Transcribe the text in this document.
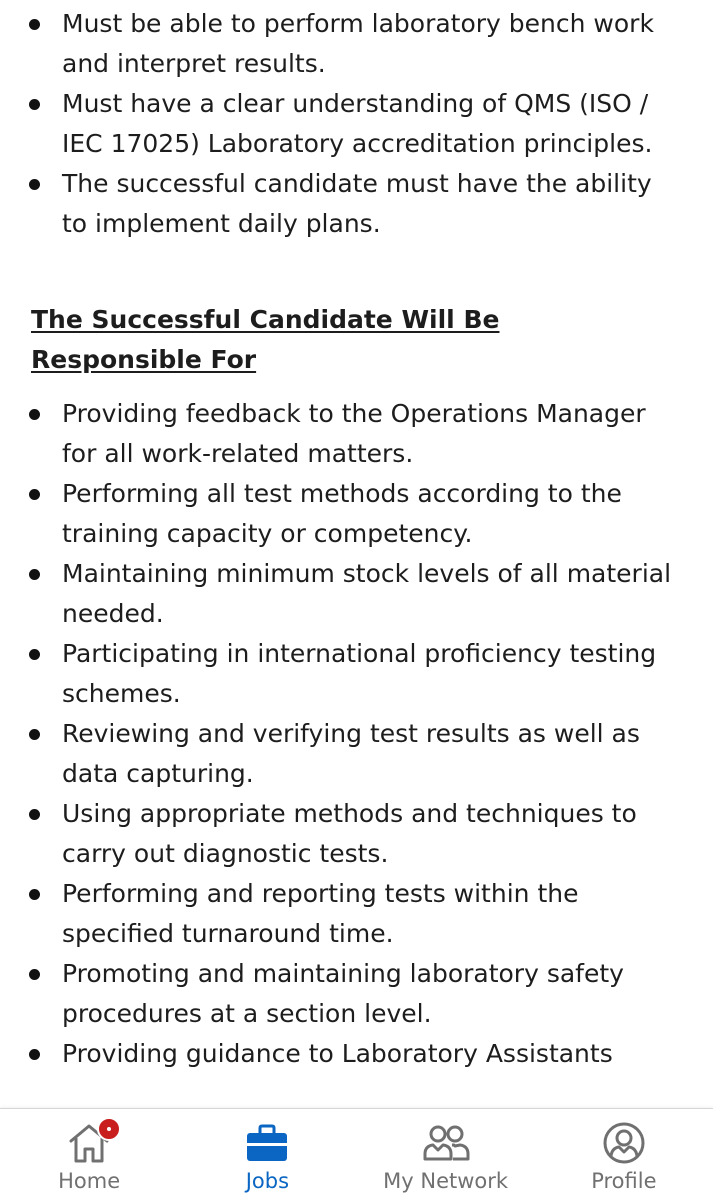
Must be able to perform laboratory bench work and interpret results.
Must have a clear understanding of QMS (ISO / IEC 17025) Laboratory accreditation principles.
The successful candidate must have the ability to implement daily plans.
The Successful Candidate Will Be Responsible For
Providing feedback to the Operations Manager for all work-related matters.
Performing all test methods according to the training capacity or competency.
Maintaining minimum stock levels of all material needed.
Participating in international proficiency testing schemes.
Reviewing and verifying test results as well as data capturing.
Using appropriate methods and techniques to carry out diagnostic tests.
Performing and reporting tests within the specified turnaround time.
Promoting and maintaining laboratory safety procedures at a section level.
Providing guidance to Laboratory Assistants
Home	Jobs	My Network	Profile
